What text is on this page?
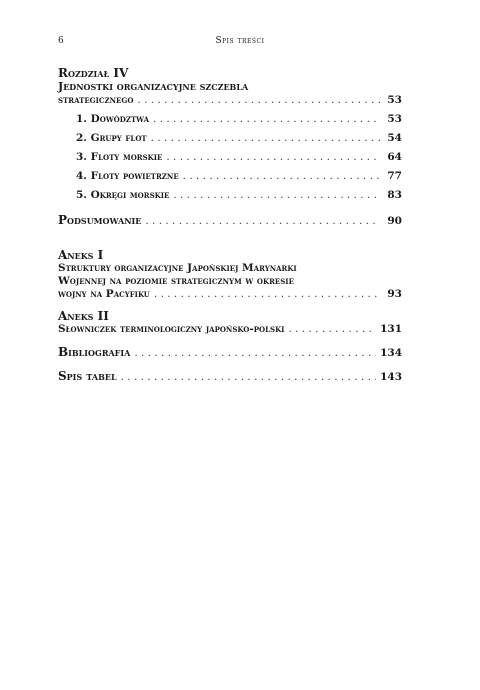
6	Spis treści
Rozdział IV
Jednostki organizacyjne szczebla
strategicznego . . .	53
1. Dowództwa . . .	53
2. Grupy flot . . .	54
3. Floty morskie . . .	64
4. Floty powietrzne . . .	77
5. Okręgi morskie . . .	83
Podsumowanie . . .	90
Aneks I
Struktury organizacyjne Japońskiej Marynarki
Wojennej na poziomie strategicznym w okresie
wojny na Pacyfiku . . .	93
Aneks II
Słowniczek terminologiczny japońsko-polski . . .	131
Bibliografia . . .	134
Spis tabel . . .	143
